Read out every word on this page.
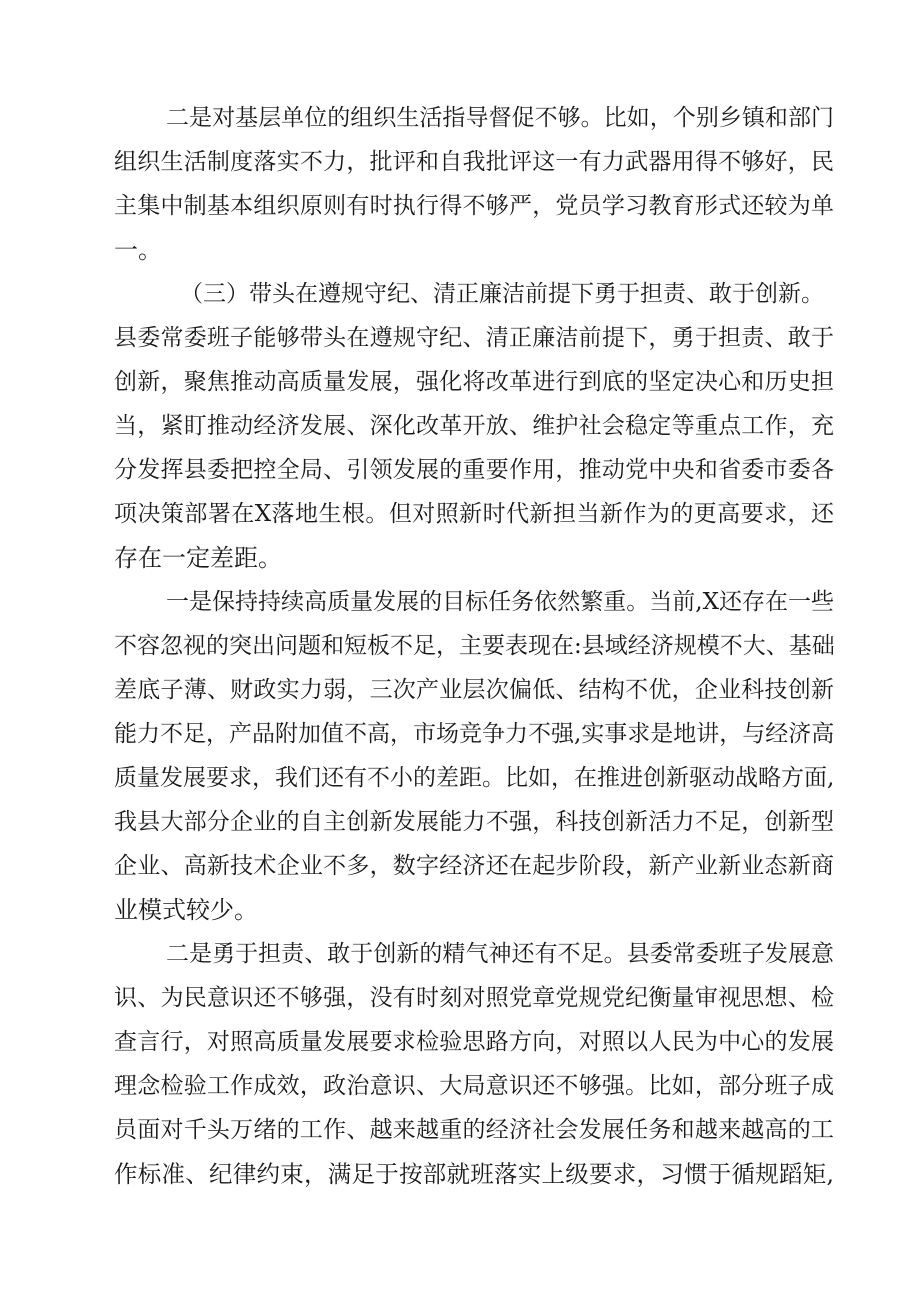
二是对基层单位的组织生活指导督促不够。比如，个别乡镇和部门

组织生活制度落实不力，批评和自我批评这一有力武器用得不够好，民

主集中制基本组织原则有时执行得不够严，党员学习教育形式还较为单

一。

（三）带头在遵规守纪、清正廉洁前提下勇于担责、敢于创新。

县委常委班子能够带头在遵规守纪、清正廉洁前提下，勇于担责、敢于

创新，聚焦推动高质量发展，强化将改革进行到底的坚定决心和历史担

当，紧盯推动经济发展、深化改革开放、维护社会稳定等重点工作，充

分发挥县委把控全局、引领发展的重要作用，推动党中央和省委市委各

项决策部署在X落地生根。但对照新时代新担当新作为的更高要求，还

存在一定差距。

一是保持持续高质量发展的目标任务依然繁重。当前,X还存在一些

不容忽视的突出问题和短板不足，主要表现在:县域经济规模不大、基础

差底子薄、财政实力弱，三次产业层次偏低、结构不优，企业科技创新

能力不足，产品附加值不高，市场竞争力不强,实事求是地讲，与经济高

质量发展要求，我们还有不小的差距。比如，在推进创新驱动战略方面,

我县大部分企业的自主创新发展能力不强，科技创新活力不足，创新型

企业、高新技术企业不多，数字经济还在起步阶段，新产业新业态新商

业模式较少。

二是勇于担责、敢于创新的精气神还有不足。县委常委班子发展意

识、为民意识还不够强，没有时刻对照党章党规党纪衡量审视思想、检

查言行，对照高质量发展要求检验思路方向，对照以人民为中心的发展

理念检验工作成效，政治意识、大局意识还不够强。比如，部分班子成

员面对千头万绪的工作、越来越重的经济社会发展任务和越来越高的工

作标准、纪律约束，满足于按部就班落实上级要求，习惯于循规蹈矩,
